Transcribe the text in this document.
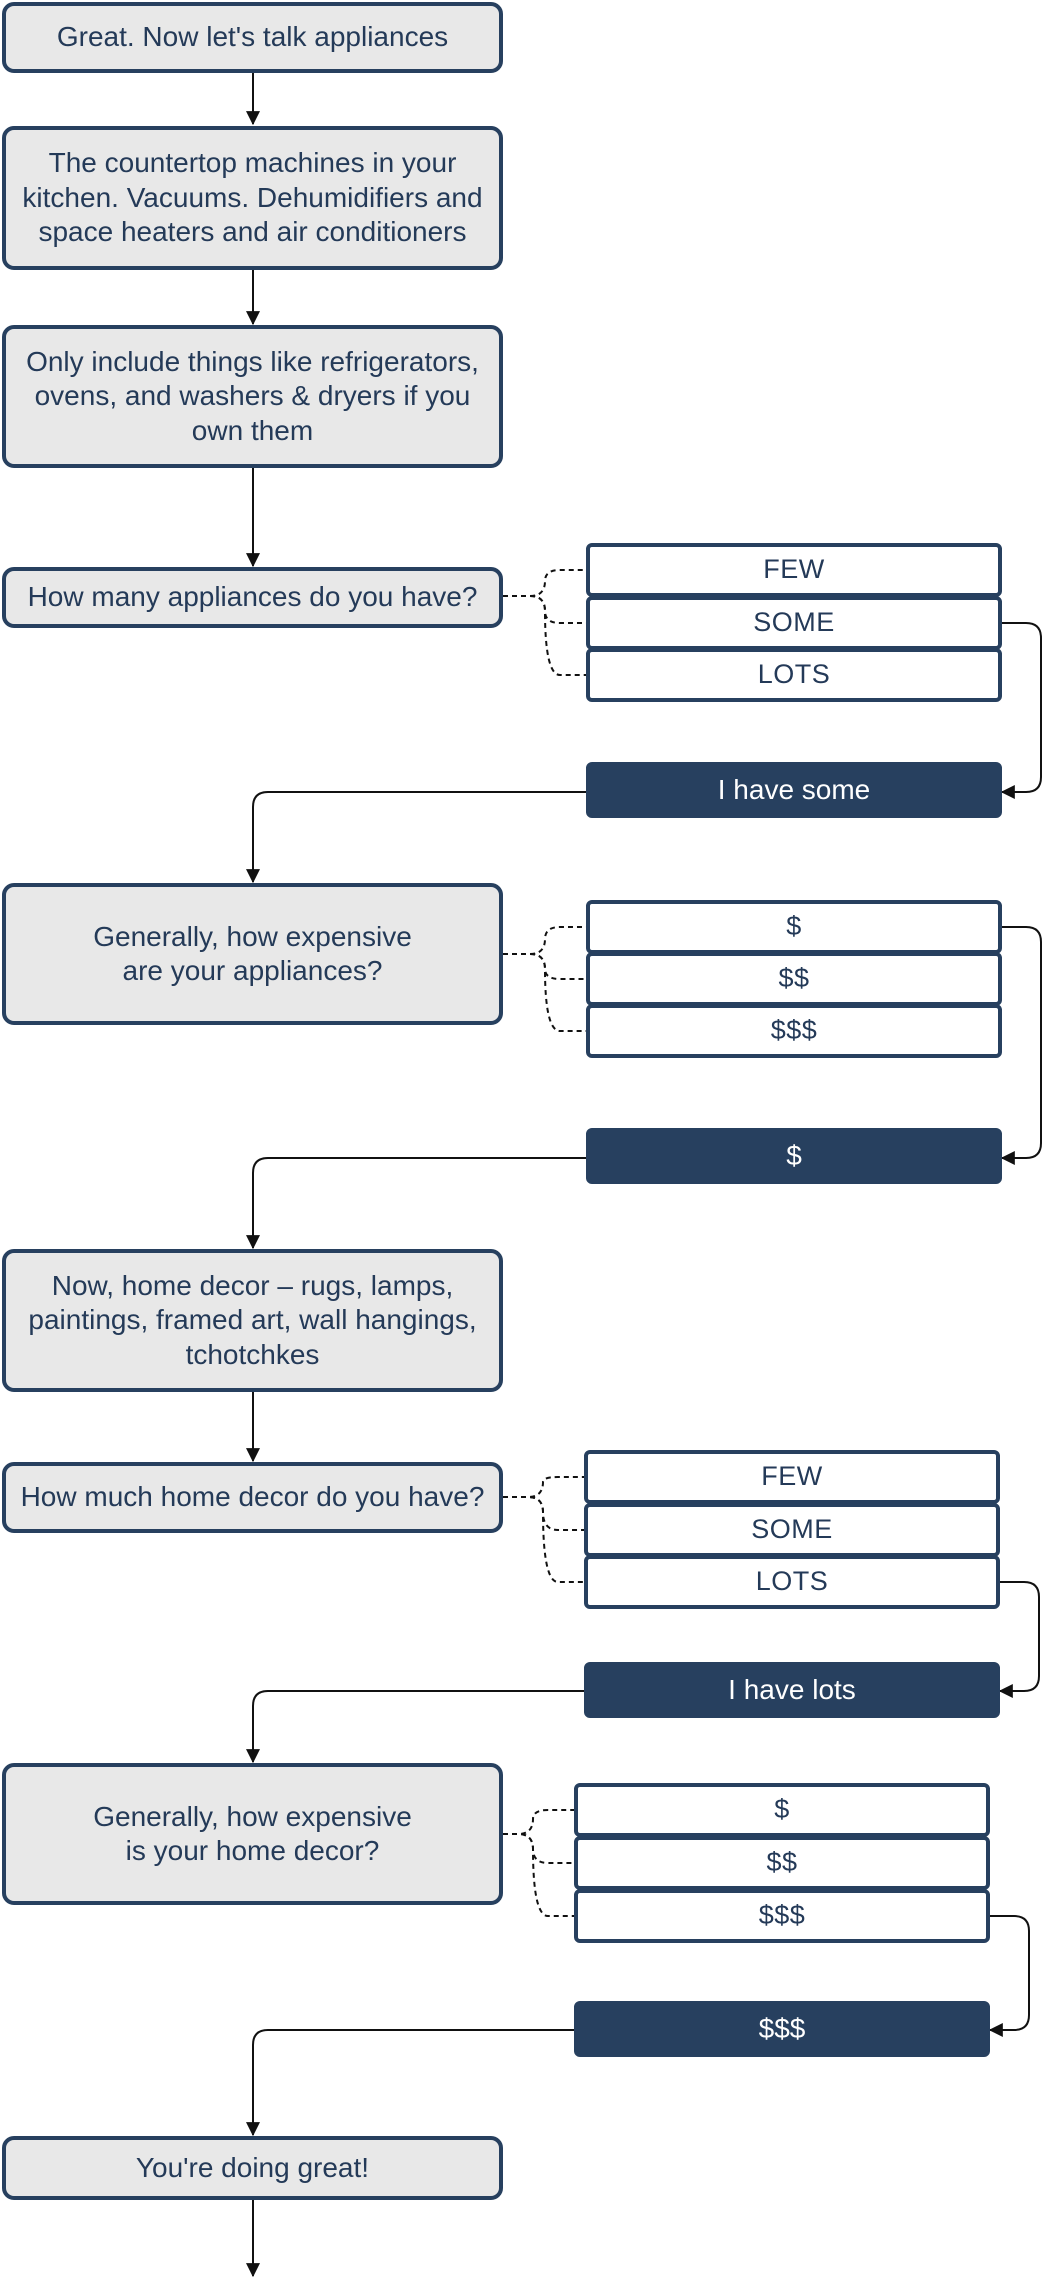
Great. Now let's talk appliances
The countertop machines in your kitchen. Vacuums. Dehumidifiers and space heaters and air conditioners
Only include things like refrigerators, ovens, and washers & dryers if you own them
How many appliances do you have?
FEW
SOME
LOTS
I have some
Generally, how expensive
are your appliances?
$
$$
$$$
$
Now, home decor – rugs, lamps, paintings, framed art, wall hangings, tchotchkes
How much home decor do you have?
FEW
SOME
LOTS
I have lots
Generally, how expensive
is your home decor?
$
$$
$$$
$$$
You're doing great!
